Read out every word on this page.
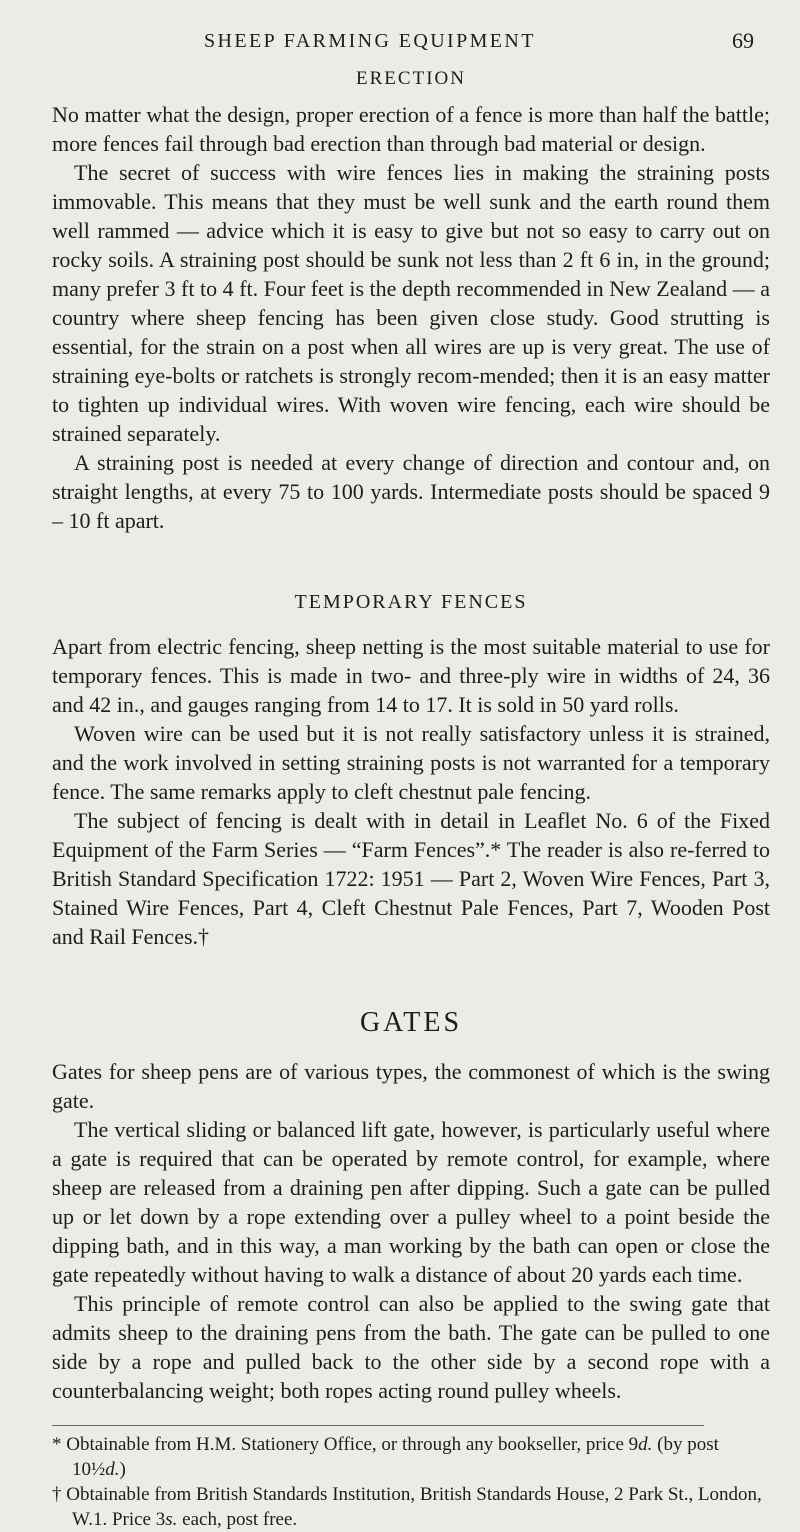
SHEEP FARMING EQUIPMENT	69
ERECTION

No matter what the design, proper erection of a fence is more than half the battle; more fences fail through bad erection than through bad material or design.

The secret of success with wire fences lies in making the straining posts immovable. This means that they must be well sunk and the earth round them well rammed — advice which it is easy to give but not so easy to carry out on rocky soils. A straining post should be sunk not less than 2 ft 6 in, in the ground; many prefer 3 ft to 4 ft. Four feet is the depth recommended in New Zealand — a country where sheep fencing has been given close study. Good strutting is essential, for the strain on a post when all wires are up is very great. The use of straining eye-bolts or ratchets is strongly recom-mended; then it is an easy matter to tighten up individual wires. With woven wire fencing, each wire should be strained separately.

A straining post is needed at every change of direction and contour and, on straight lengths, at every 75 to 100 yards. Intermediate posts should be spaced 9 – 10 ft apart.

TEMPORARY FENCES

Apart from electric fencing, sheep netting is the most suitable material to use for temporary fences. This is made in two- and three-ply wire in widths of 24, 36 and 42 in., and gauges ranging from 14 to 17. It is sold in 50 yard rolls.

Woven wire can be used but it is not really satisfactory unless it is strained, and the work involved in setting straining posts is not warranted for a temporary fence. The same remarks apply to cleft chestnut pale fencing.

The subject of fencing is dealt with in detail in Leaflet No. 6 of the Fixed Equipment of the Farm Series — “Farm Fences”.* The reader is also re-ferred to British Standard Specification 1722: 1951 — Part 2, Woven Wire Fences, Part 3, Stained Wire Fences, Part 4, Cleft Chestnut Pale Fences, Part 7, Wooden Post and Rail Fences.†

GATES

Gates for sheep pens are of various types, the commonest of which is the swing gate.

The vertical sliding or balanced lift gate, however, is particularly useful where a gate is required that can be operated by remote control, for example, where sheep are released from a draining pen after dipping. Such a gate can be pulled up or let down by a rope extending over a pulley wheel to a point beside the dipping bath, and in this way, a man working by the bath can open or close the gate repeatedly without having to walk a distance of about 20 yards each time.

This principle of remote control can also be applied to the swing gate that admits sheep to the draining pens from the bath. The gate can be pulled to one side by a rope and pulled back to the other side by a second rope with a counterbalancing weight; both ropes acting round pulley wheels.

* Obtainable from H.M. Stationery Office, or through any bookseller, price 9d. (by post 10½d.)

† Obtainable from British Standards Institution, British Standards House, 2 Park St., London, W.1. Price 3s. each, post free.
